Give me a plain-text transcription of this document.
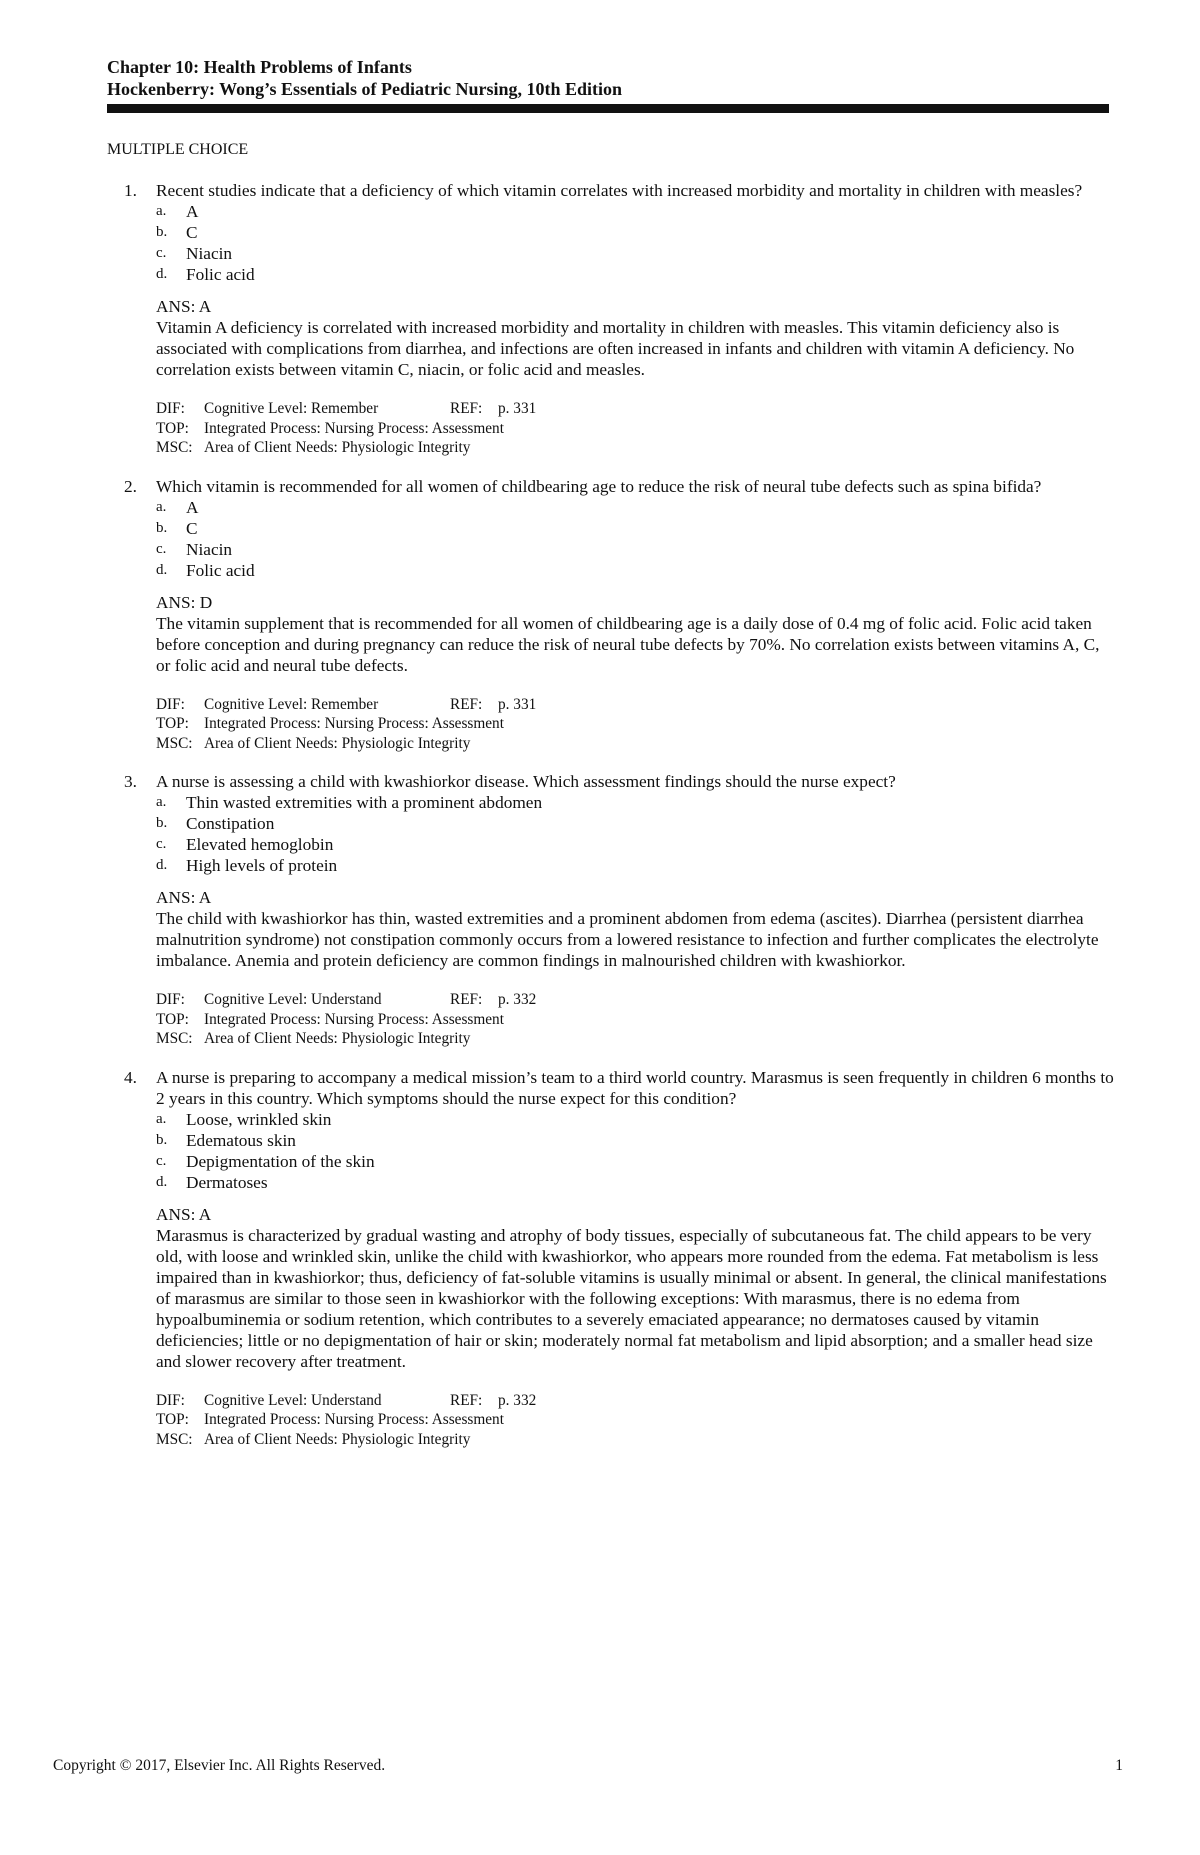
Chapter 10: Health Problems of Infants
Hockenberry: Wong’s Essentials of Pediatric Nursing, 10th Edition
MULTIPLE CHOICE
1.	Recent studies indicate that a deficiency of which vitamin correlates with increased morbidity and mortality in children with measles?
a.	A
b.	C
c.	Niacin
d.	Folic acid
ANS: A
Vitamin A deficiency is correlated with increased morbidity and mortality in children with measles. This vitamin deficiency also is associated with complications from diarrhea, and infections are often increased in infants and children with vitamin A deficiency. No correlation exists between vitamin C, niacin, or folic acid and measles.
DIF:	Cognitive Level: Remember	REF:	p. 331
TOP: Integrated Process: Nursing Process: Assessment
MSC: Area of Client Needs: Physiologic Integrity
2.	Which vitamin is recommended for all women of childbearing age to reduce the risk of neural tube defects such as spina bifida?
a.	A
b.	C
c.	Niacin
d.	Folic acid
ANS: D
The vitamin supplement that is recommended for all women of childbearing age is a daily dose of 0.4 mg of folic acid. Folic acid taken before conception and during pregnancy can reduce the risk of neural tube defects by 70%. No correlation exists between vitamins A, C, or folic acid and neural tube defects.
DIF:	Cognitive Level: Remember	REF:	p. 331
TOP: Integrated Process: Nursing Process: Assessment
MSC: Area of Client Needs: Physiologic Integrity
3.	A nurse is assessing a child with kwashiorkor disease. Which assessment findings should the nurse expect?
a.	Thin wasted extremities with a prominent abdomen
b.	Constipation
c.	Elevated hemoglobin
d.	High levels of protein
ANS: A
The child with kwashiorkor has thin, wasted extremities and a prominent abdomen from edema (ascites). Diarrhea (persistent diarrhea malnutrition syndrome) not constipation commonly occurs from a lowered resistance to infection and further complicates the electrolyte imbalance. Anemia and protein deficiency are common findings in malnourished children with kwashiorkor.
DIF:	Cognitive Level: Understand	REF:	p. 332
TOP: Integrated Process: Nursing Process: Assessment
MSC: Area of Client Needs: Physiologic Integrity
4.	A nurse is preparing to accompany a medical mission’s team to a third world country. Marasmus is seen frequently in children 6 months to 2 years in this country. Which symptoms should the nurse expect for this condition?
a.	Loose, wrinkled skin
b.	Edematous skin
c.	Depigmentation of the skin
d.	Dermatoses
ANS: A
Marasmus is characterized by gradual wasting and atrophy of body tissues, especially of subcutaneous fat. The child appears to be very old, with loose and wrinkled skin, unlike the child with kwashiorkor, who appears more rounded from the edema. Fat metabolism is less impaired than in kwashiorkor; thus, deficiency of fat-soluble vitamins is usually minimal or absent. In general, the clinical manifestations of marasmus are similar to those seen in kwashiorkor with the following exceptions: With marasmus, there is no edema from hypoalbuminemia or sodium retention, which contributes to a severely emaciated appearance; no dermatoses caused by vitamin deficiencies; little or no depigmentation of hair or skin; moderately normal fat metabolism and lipid absorption; and a smaller head size and slower recovery after treatment.
DIF:	Cognitive Level: Understand	REF:	p. 332
TOP: Integrated Process: Nursing Process: Assessment
MSC: Area of Client Needs: Physiologic Integrity
Copyright © 2017, Elsevier Inc. All Rights Reserved.	1
